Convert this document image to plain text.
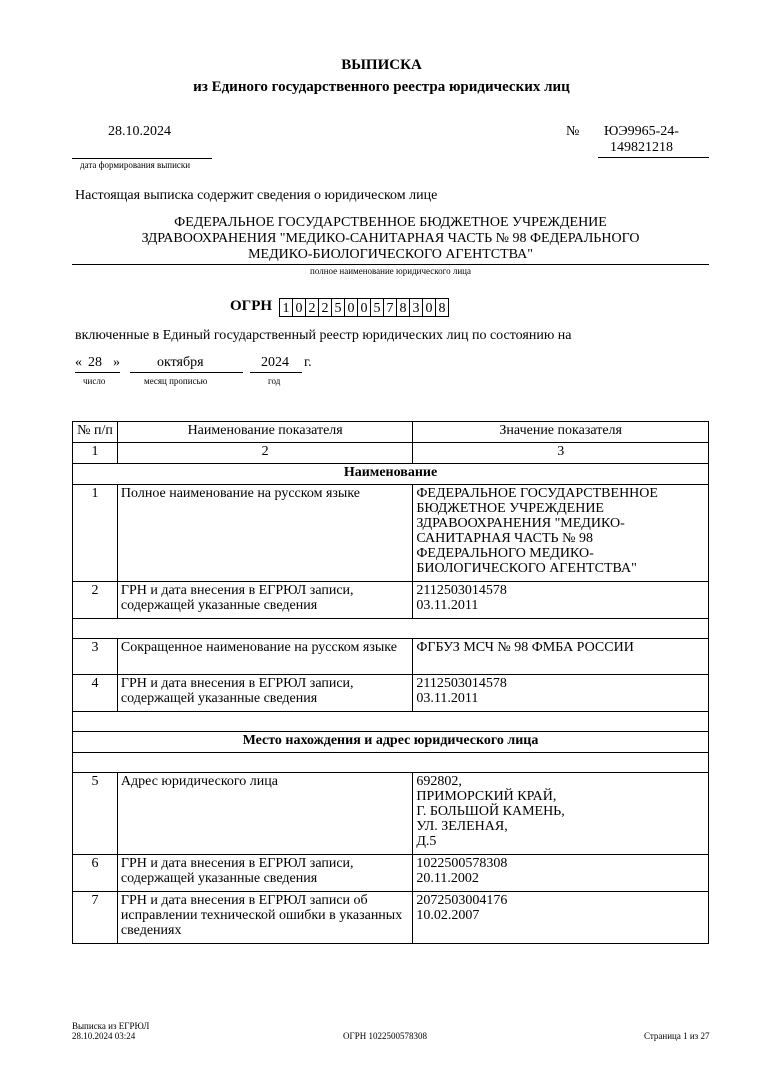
ВЫПИСКА
из Единого государственного реестра юридических лиц
28.10.2024
дата формирования выписки
№ ЮЭ9965-24-
149821218
Настоящая выписка содержит сведения о юридическом лице
ФЕДЕРАЛЬНОЕ ГОСУДАРСТВЕННОЕ БЮДЖЕТНОЕ УЧРЕЖДЕНИЕ
ЗДРАВООХРАНЕНИЯ "МЕДИКО-САНИТАРНАЯ ЧАСТЬ № 98 ФЕДЕРАЛЬНОГО
МЕДИКО-БИОЛОГИЧЕСКОГО АГЕНТСТВА"
полное наименование юридического лица
ОГРН 1 0 2 2 5 0 0 5 7 8 3 0 8
включенные в Единый государственный реестр юридических лиц по состоянию на
« 28 »	октября	2024 г.
число	месяц прописью	год
№ п/п	Наименование показателя	Значение показателя
1	2	3
Наименование		
1	Полное наименование на русском языке	ФЕДЕРАЛЬНОЕ ГОСУДАРСТВЕННОЕ БЮДЖЕТНОЕ УЧРЕЖДЕНИЕ ЗДРАВООХРАНЕНИЯ "МЕДИКО-САНИТАРНАЯ ЧАСТЬ № 98 ФЕДЕРАЛЬНОГО МЕДИКО-БИОЛОГИЧЕСКОГО АГЕНТСТВА"
2	ГРН и дата внесения в ЕГРЮЛ записи, содержащей указанные сведения	2112503014578
03.11.2011

3	Сокращенное наименование на русском языке	ФГБУЗ МСЧ № 98 ФМБА РОССИИ
4	ГРН и дата внесения в ЕГРЮЛ записи, содержащей указанные сведения	2112503014578
03.11.2011

Место нахождения и адрес юридического лица		

5	Адрес юридического лица	692802,
ПРИМОРСКИЙ КРАЙ,
Г. БОЛЬШОЙ КАМЕНЬ,
УЛ. ЗЕЛЕНАЯ,
Д.5

6	ГРН и дата внесения в ЕГРЮЛ записи, содержащей указанные сведения	1022500578308
20.11.2002

7	ГРН и дата внесения в ЕГРЮЛ записи об исправлении технической ошибки в указанных сведениях	2072503004176
10.02.2007
Выписка из ЕГРЮЛ
28.10.2024 03:24	ОГРН 1022500578308	Страница 1 из 27
